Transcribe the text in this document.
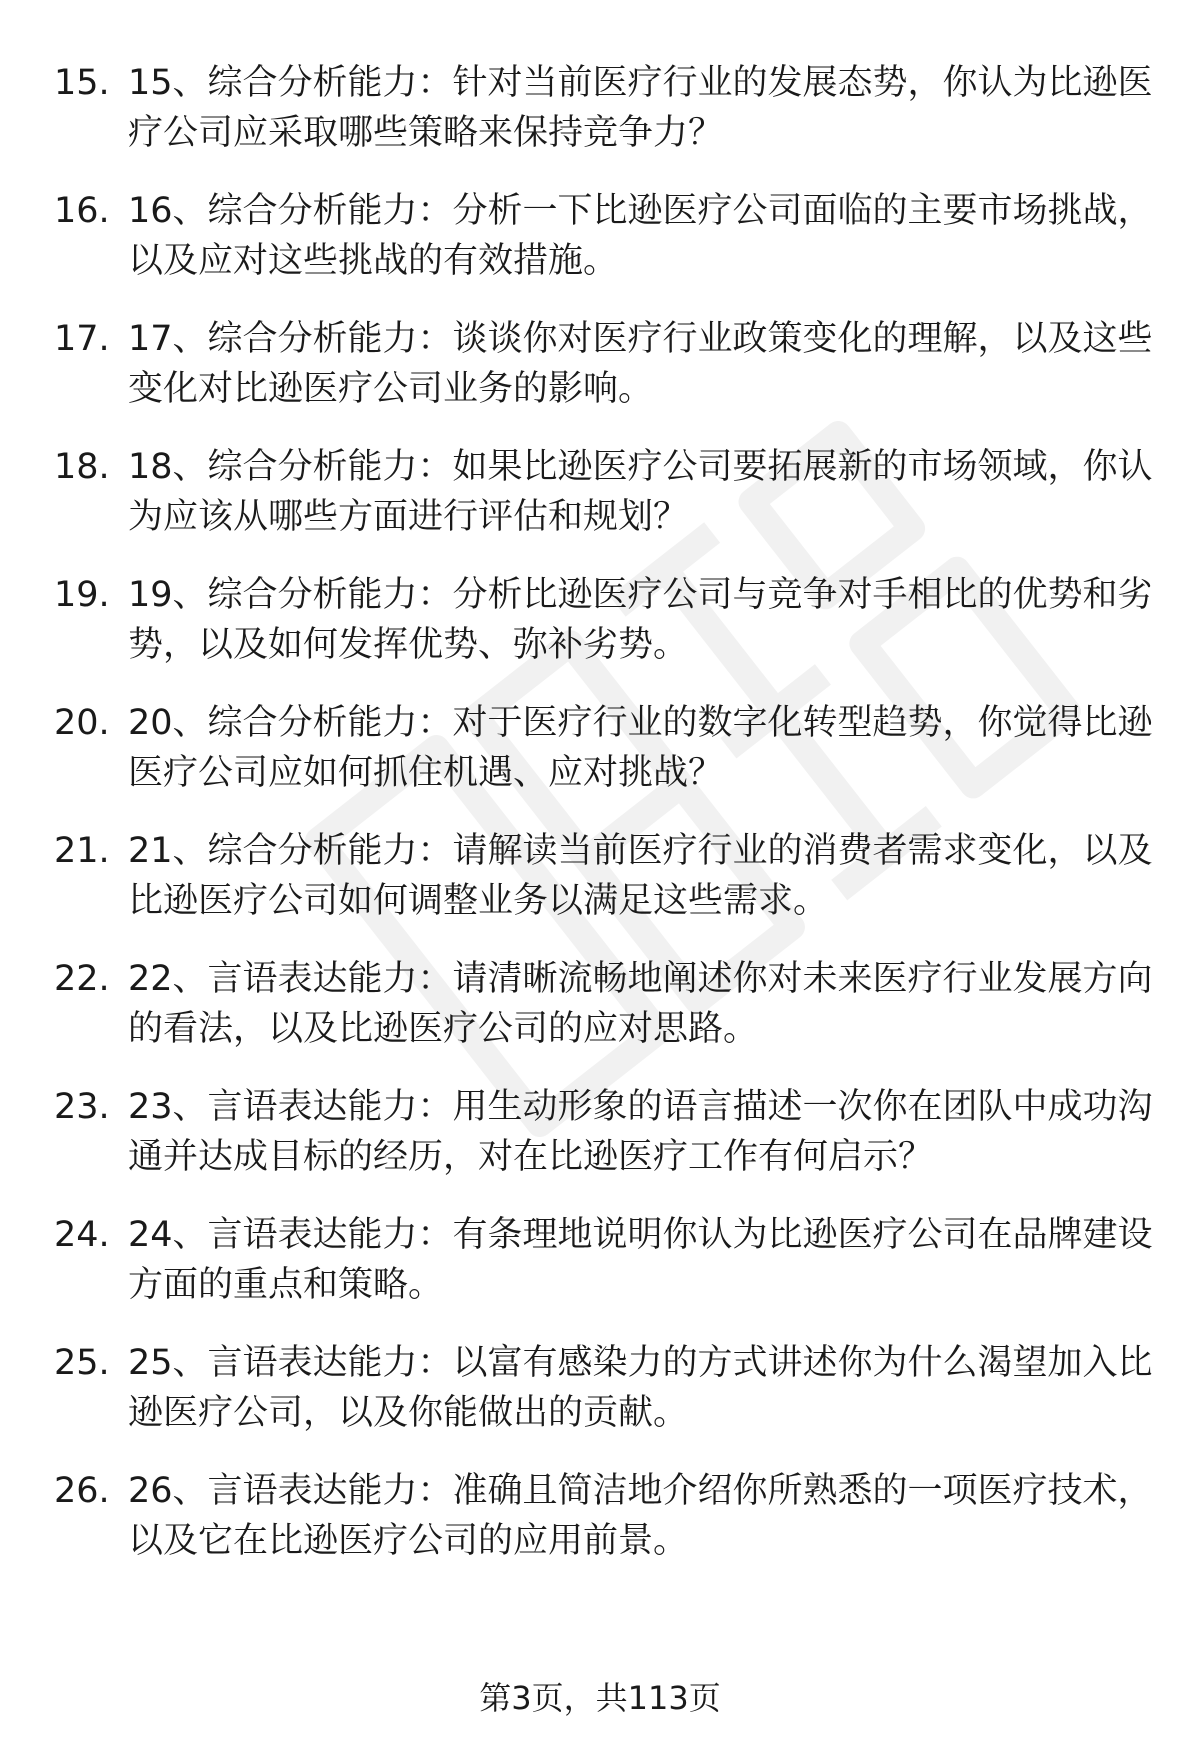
15. 15、综合分析能力：针对当前医疗行业的发展态势，你认为比逊医疗公司应采取哪些策略来保持竞争力？
16. 16、综合分析能力：分析一下比逊医疗公司面临的主要市场挑战，以及应对这些挑战的有效措施。
17. 17、综合分析能力：谈谈你对医疗行业政策变化的理解，以及这些变化对比逊医疗公司业务的影响。
18. 18、综合分析能力：如果比逊医疗公司要拓展新的市场领域，你认为应该从哪些方面进行评估和规划？
19. 19、综合分析能力：分析比逊医疗公司与竞争对手相比的优势和劣势，以及如何发挥优势、弥补劣势。
20. 20、综合分析能力：对于医疗行业的数字化转型趋势，你觉得比逊医疗公司应如何抓住机遇、应对挑战？
21. 21、综合分析能力：请解读当前医疗行业的消费者需求变化，以及比逊医疗公司如何调整业务以满足这些需求。
22. 22、言语表达能力：请清晰流畅地阐述你对未来医疗行业发展方向的看法，以及比逊医疗公司的应对思路。
23. 23、言语表达能力：用生动形象的语言描述一次你在团队中成功沟通并达成目标的经历，对在比逊医疗工作有何启示？
24. 24、言语表达能力：有条理地说明你认为比逊医疗公司在品牌建设方面的重点和策略。
25. 25、言语表达能力：以富有感染力的方式讲述你为什么渴望加入比逊医疗公司，以及你能做出的贡献。
26. 26、言语表达能力：准确且简洁地介绍你所熟悉的一项医疗技术，以及它在比逊医疗公司的应用前景。
第3页，共113页
